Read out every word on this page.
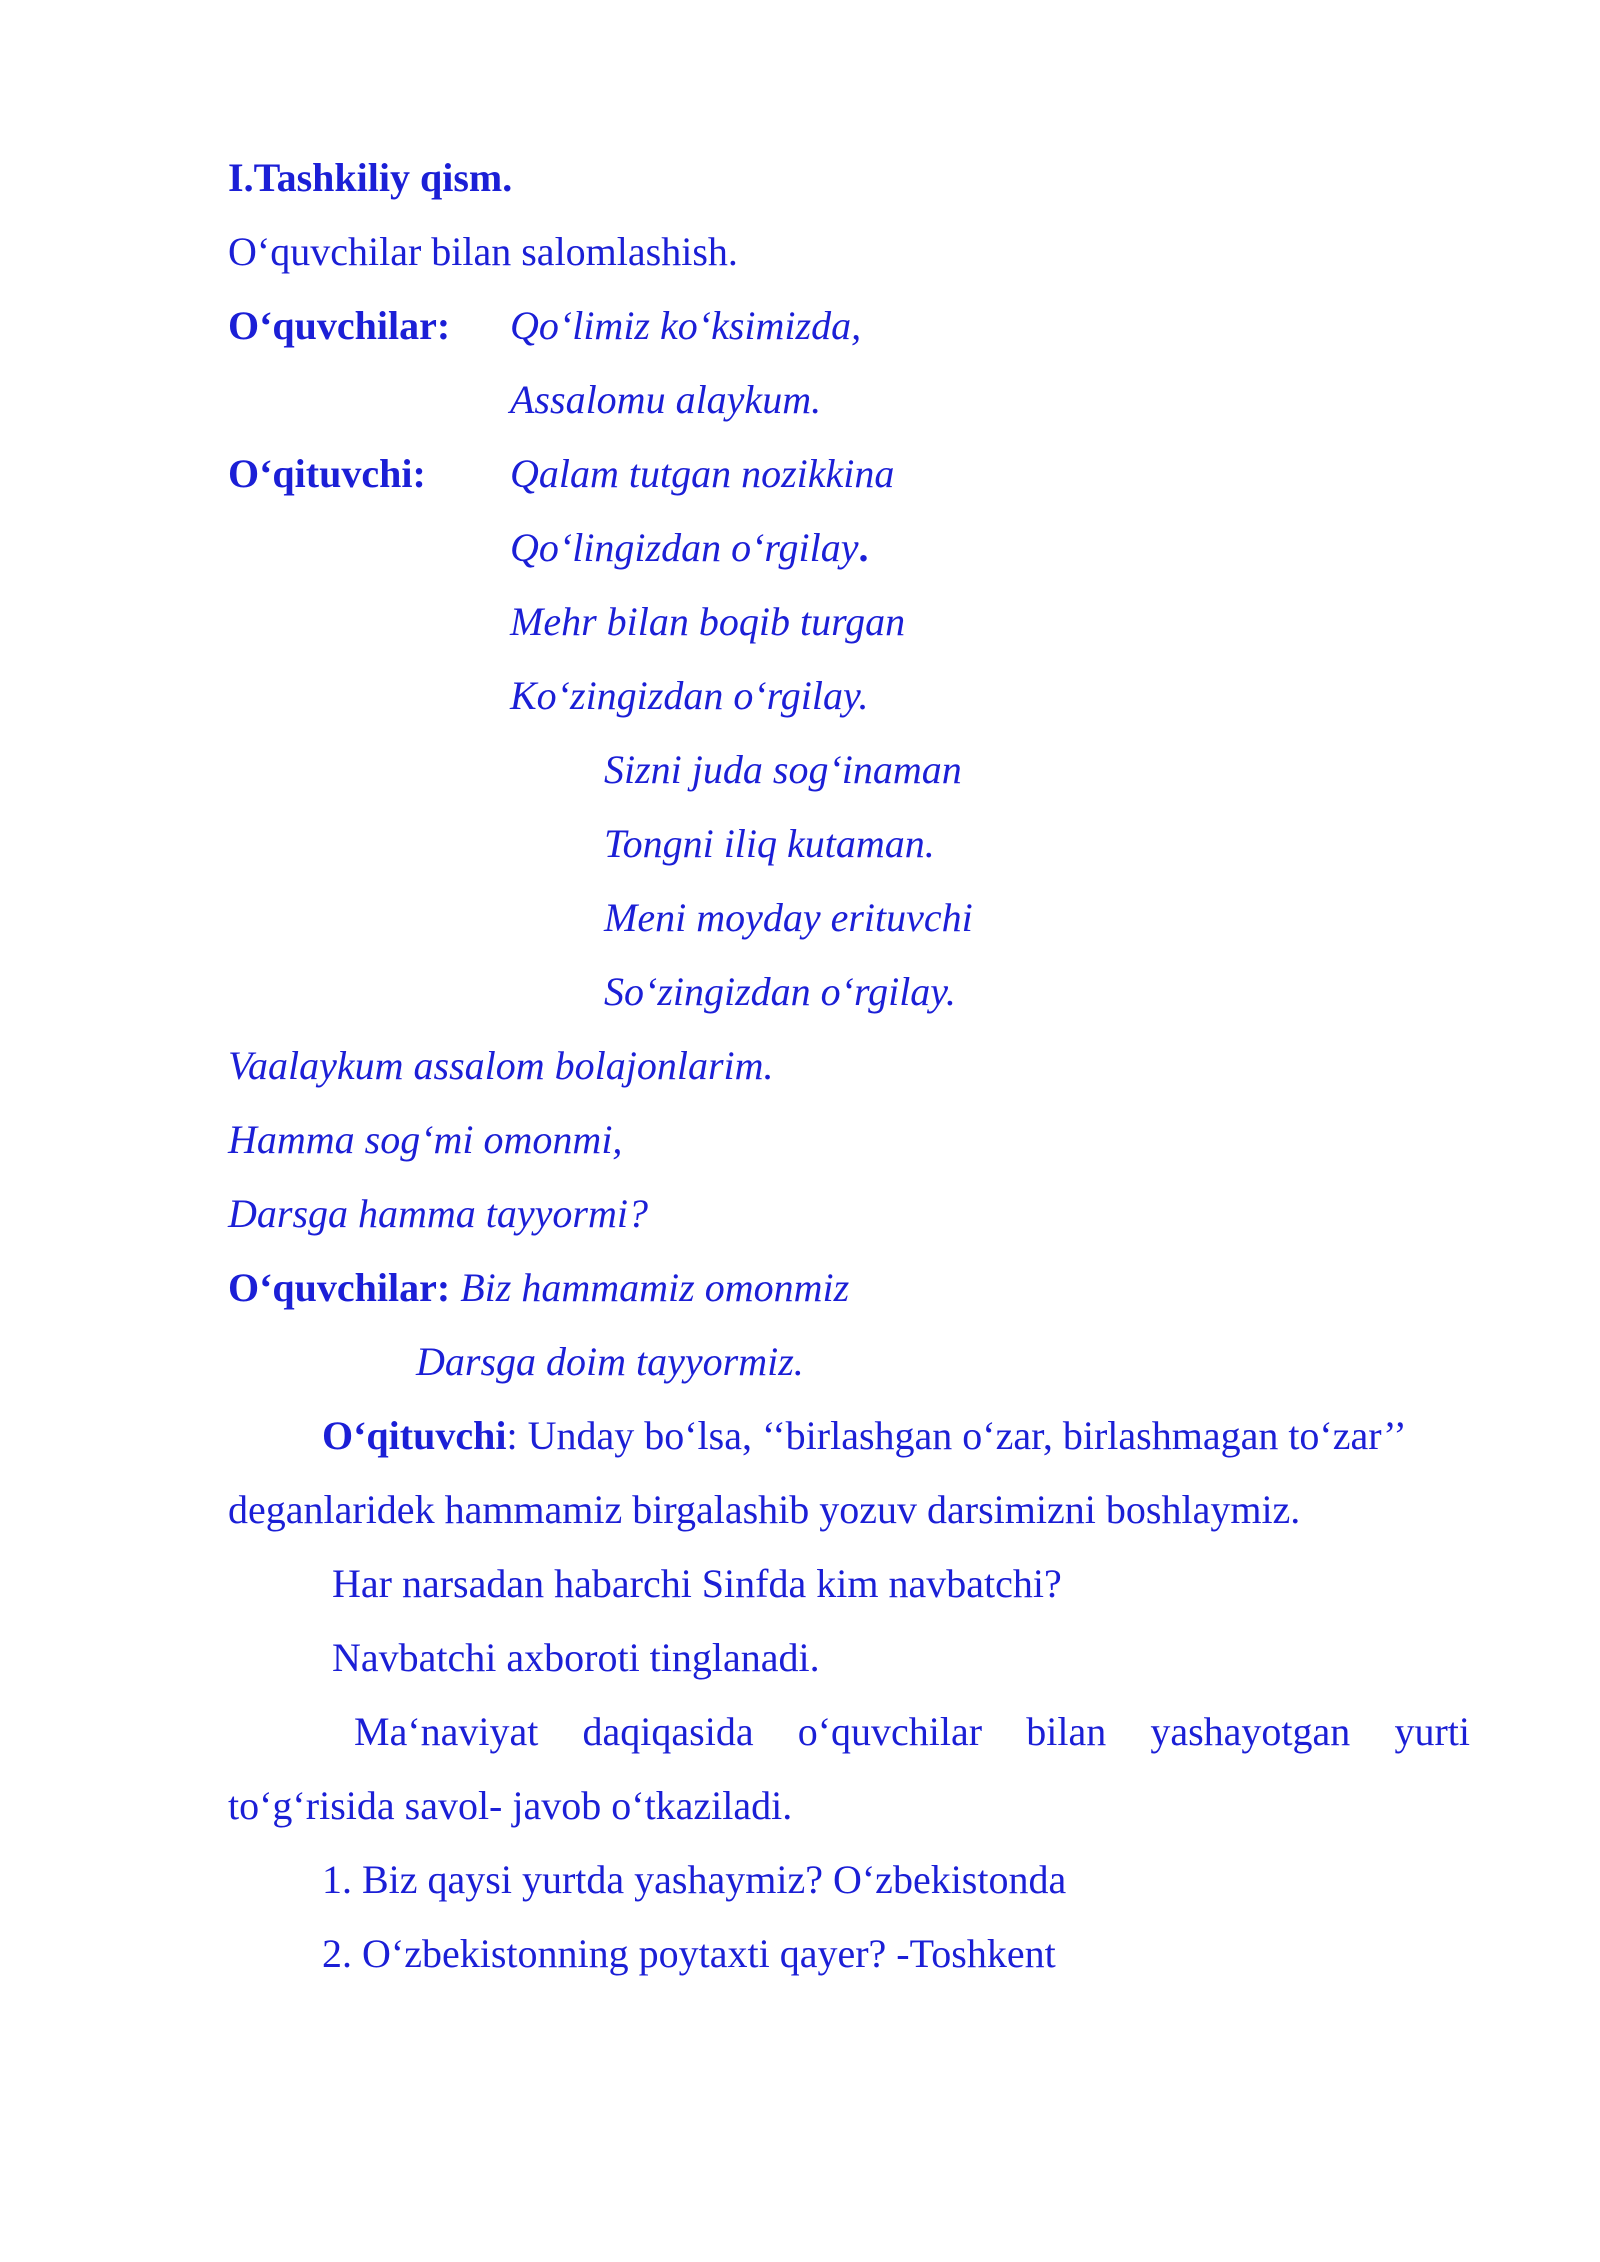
I.Tashkiliy qism.
O‘quvchilar bilan salomlashish.
O‘quvchilar: Qo‘limiz ko‘ksimizda,
Assalomu alaykum.
O‘qituvchi: Qalam tutgan nozikkina
Qo‘lingizdan o‘rgilay.
Mehr bilan boqib turgan
Ko‘zingizdan o‘rgilay.
Sizni juda sog‘inaman
Tongni iliq kutaman.
Meni moyday erituvchi
So‘zingizdan o‘rgilay.
Vaalaykum assalom bolajonlarim.
Hamma sog‘mi omonmi,
Darsga hamma tayyormi?
O‘quvchilar: Biz hammamiz omonmiz
Darsga doim tayyormiz.
O‘qituvchi: Unday bo‘lsa, ‘‘birlashgan o‘zar, birlashmagan to‘zar’’
deganlaridek hammamiz birgalashib yozuv darsimizni boshlaymiz.
Har narsadan habarchi Sinfda kim navbatchi?
Navbatchi axboroti tinglanadi.
Ma‘naviyat daqiqasida o‘quvchilar bilan yashayotgan yurti
to‘g‘risida savol- javob o‘tkaziladi.
1. Biz qaysi yurtda yashaymiz? O‘zbekistonda
2. O‘zbekistonning poytaxti qayer? -Toshkent
